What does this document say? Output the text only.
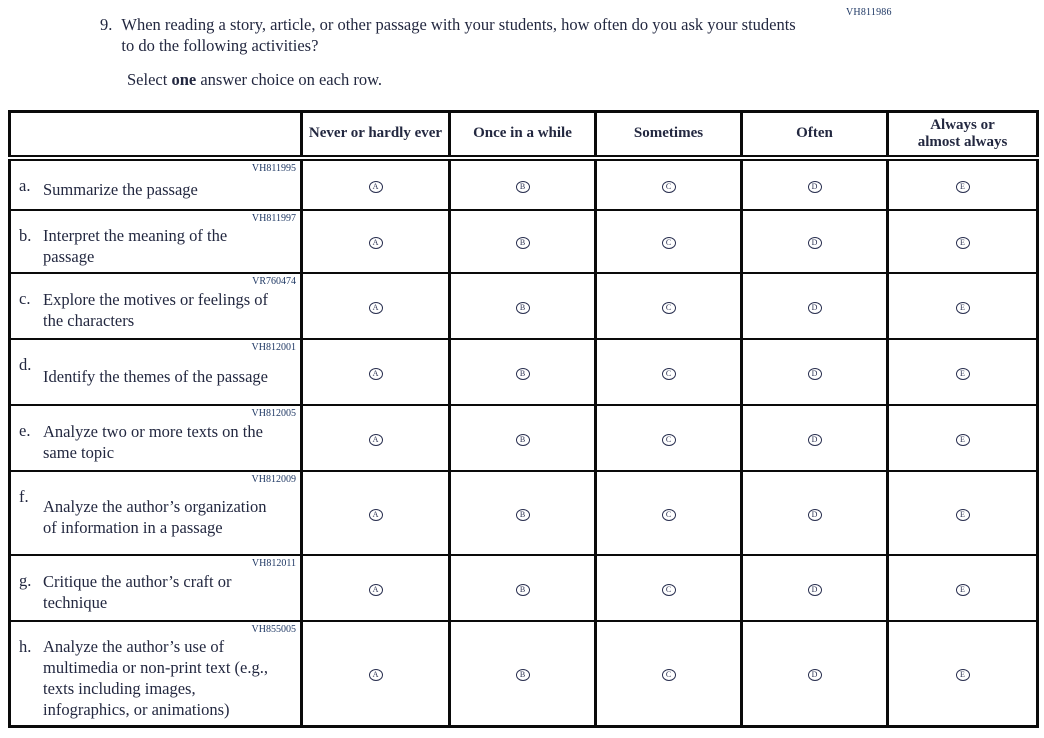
VH811986
9. When reading a story, article, or other passage with your students, how often do you ask your students to do the following activities?
Select one answer choice on each row.
	Never or hardly ever	Once in a while	Sometimes	Often	Always or almost always

VH811995
a. Summarize the passage	A	B	C	D	E

VH811997
b. Interpret the meaning of the passage	A	B	C	D	E

VR760474
c. Explore the motives or feelings of the characters	A	B	C	D	E

VH812001
d.
Identify the themes of the passage	A	B	C	D	E

VH812005
e. Analyze two or more texts on the same topic	A	B	C	D	E

VH812009
f.
Analyze the author’s organization of information in a passage	A	B	C	D	E

VH812011
g. Critique the author’s craft or technique	A	B	C	D	E

VH855005
h. Analyze the author’s use of multimedia or non-print text (e.g., texts including images, infographics, or animations)	A	B	C	D	E
